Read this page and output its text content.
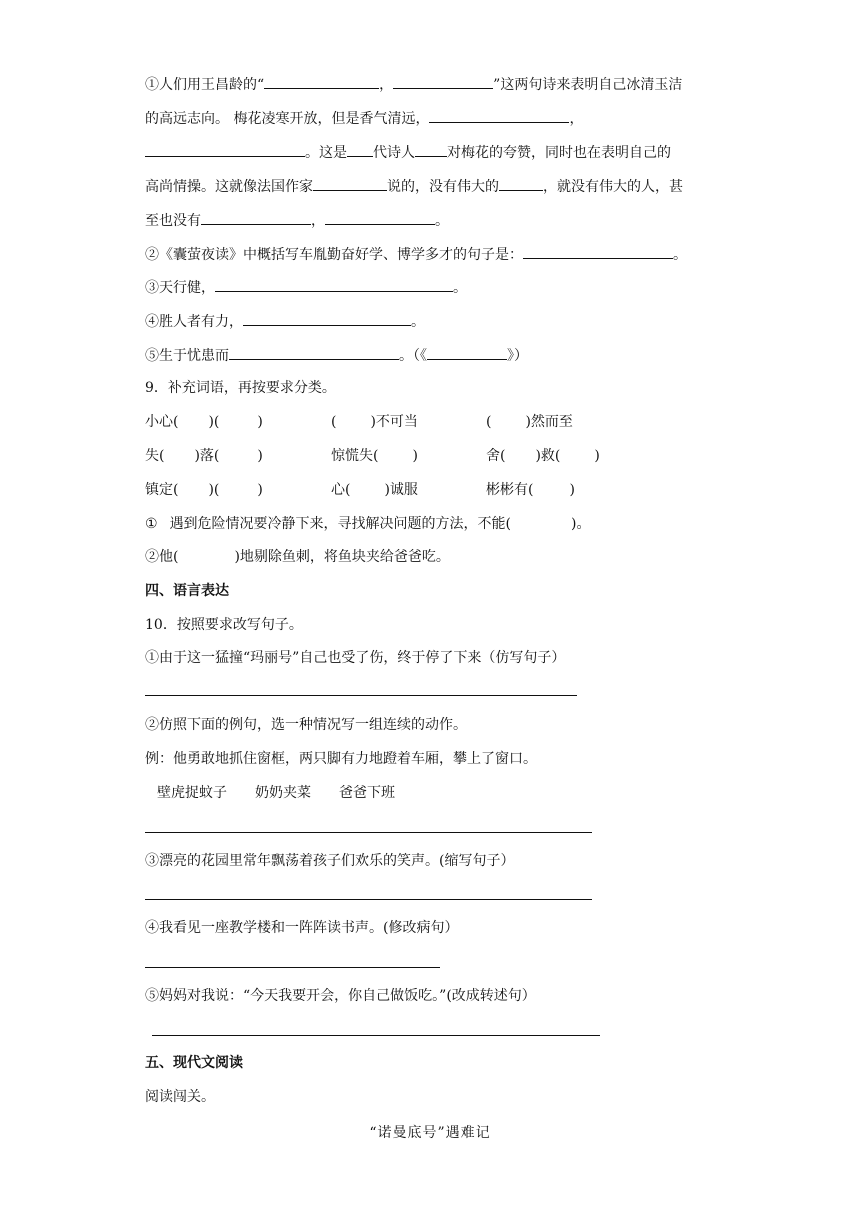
①人们用王昌龄的“	，	”这两句诗来表明自己冰清玉洁
的高远志向。 梅花凌寒开放，但是香气清远，	，
。这是 代诗人 对梅花的夸赞，同时也在表明自己的
高尚情操。这就像法国作家	说的，没有伟大的	，就没有伟大的人，甚
至也没有	，	。
②《囊萤夜读》中概括写车胤勤奋好学、博学多才的句子是：	。
③天行健，	。
④胜人者有力，	。
⑤生于忧患而	。（《	》）
9．补充词语，再按要求分类。
小心( )(	)	( )不可当	( )然而至
失( )落(	)	惊慌失( )	舍( )救( )
镇定( )(	)	心( )诚服	彬彬有(	)
① 遇到危险情况要冷静下来，寻找解决问题的方法，不能(	)。
②他(	)地剔除鱼刺，将鱼块夹给爸爸吃。
四、语言表达
10．按照要求改写句子。
①由于这一猛撞“玛丽号”自己也受了伤，终于停了下来（仿写句子）
②仿照下面的例句，选一种情况写一组连续的动作。
例：他勇敢地抓住窗框，两只脚有力地蹬着车厢，攀上了窗口。
壁虎捉蚊子 奶奶夹菜 爸爸下班
③漂亮的花园里常年飘荡着孩子们欢乐的笑声。(缩写句子）
④我看见一座教学楼和一阵阵读书声。(修改病句）
⑤妈妈对我说：“今天我要开会，你自己做饭吃。”(改成转述句）
五、现代文阅读
阅读闯关。
“诺曼底号”遇难记
